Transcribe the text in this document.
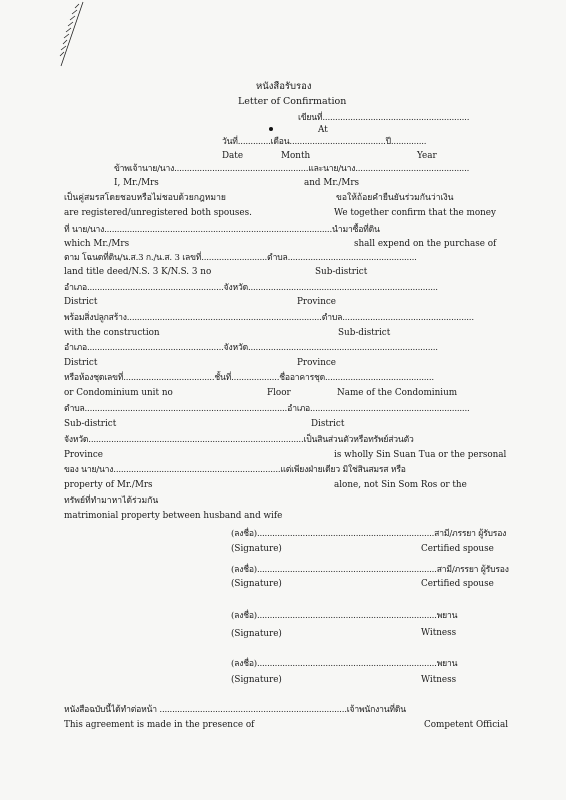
หนังสือรับรอง
Letter of Confirmation
เขียนที่..........................................................
At
วันที่.............เดือน......................................ปี..............
Date	Month	Year
ข้าพเจ้านาย/นาง.....................................................และนาย/นาง.............................................
I, Mr./Mrs	and Mr./Mrs
เป็นคู่สมรสโดยชอบหรือไม่ชอบด้วยกฎหมาย
are registered/unregistered both spouses.
ขอให้ถ้อยคำยืนยันร่วมกันว่าเงิน
We together confirm that the money
ที่ นาย/นาง..........................................................................................นำมาซื้อที่ดิน
which Mr./Mrs	shall expend on the purchase of
ตาม โฉนดที่ดิน/น.ส.3 ก./น.ส. 3 เลขที่..........................ตำบล...................................................
land title deed/N.S. 3 K/N.S. 3 no	Sub-district
อำเภอ......................................................จังหวัด...........................................................................
District	Province
พร้อมสิ่งปลูกสร้าง.............................................................................ตำบล....................................................
with the construction	Sub-district
อำเภอ......................................................จังหวัด...........................................................................
District	Province
หรือห้องชุดเลขที่....................................ชั้นที่...................ชื่ออาคารชุด...........................................
or Condominium unit no	Floor	Name of the Condominium
ตำบล................................................................................อำเภอ...............................................................
Sub-district	District
จังหวัด.....................................................................................เป็นสินส่วนตัวหรือทรัพย์ส่วนตัว
Province	is wholly Sin Suan Tua or the personal
ของ นาย/นาง..................................................................แต่เพียงฝ่ายเดียว มิใช่สินสมรส หรือ
property of Mr./Mrs	alone, not Sin Som Ros or the
ทรัพย์ที่ทำมาหาได้ร่วมกัน
matrimonial property between husband and wife
(ลงชื่อ)......................................................................สามี/ภรรยา ผู้รับรอง
(Signature)	Certified spouse
(ลงชื่อ).......................................................................สามี/ภรรยา ผู้รับรอง
(Signature)	Certified spouse
(ลงชื่อ).......................................................................พยาน
(Signature)	Witness
(ลงชื่อ).......................................................................พยาน
(Signature)	Witness
หนังสือฉบับนี้ได้ทำต่อหน้า ..........................................................................เจ้าพนักงานที่ดิน
This agreement is made in the presence of	Competent Official
